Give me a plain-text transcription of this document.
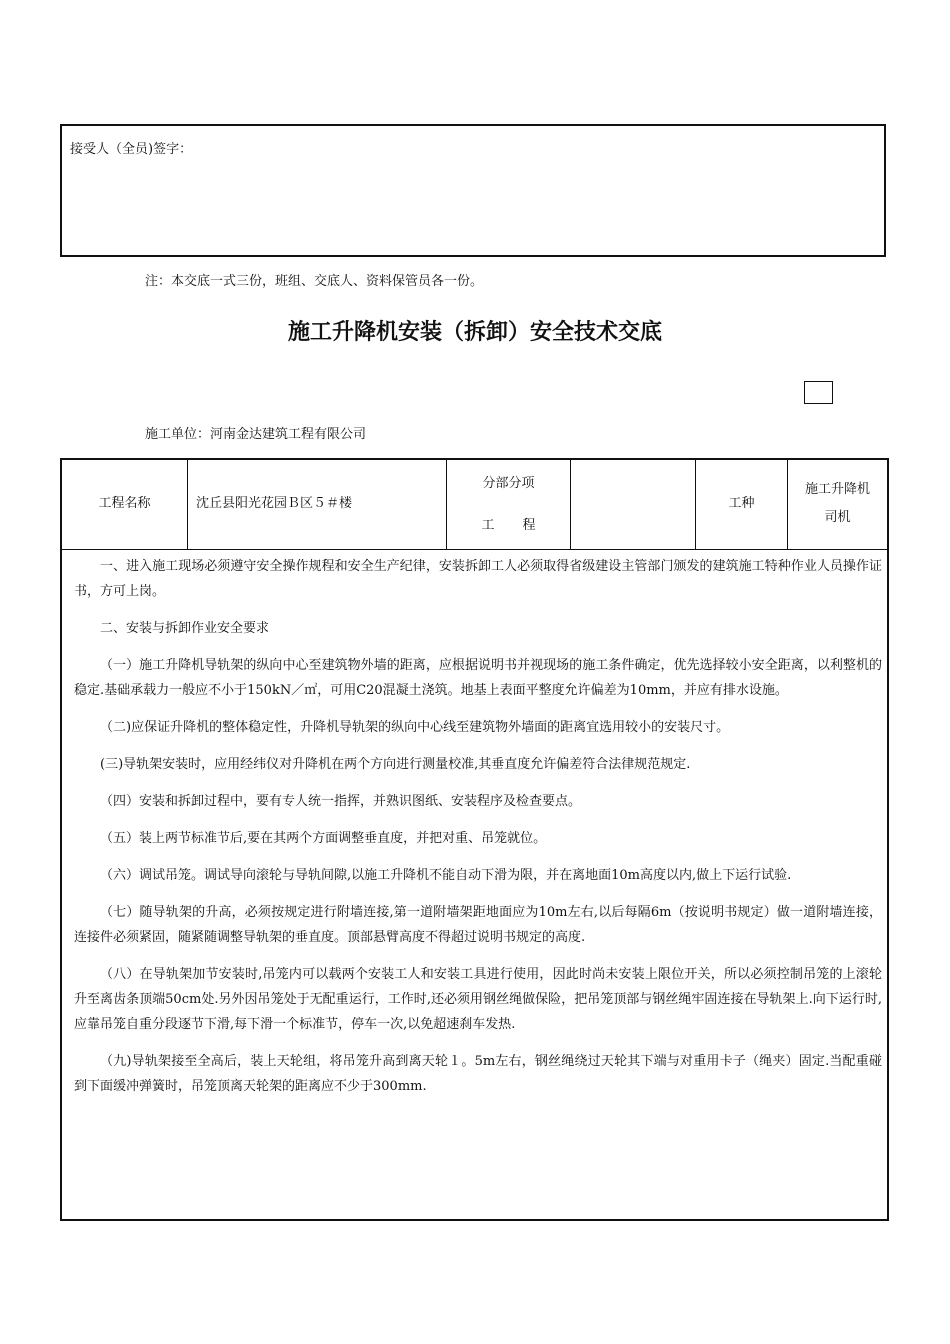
接受人（全员)签字：
注：本交底一式三份，班组、交底人、资料保管员各一份。
施工升降机安装（拆卸）安全技术交底
施工单位：河南金达建筑工程有限公司
工程名称	沈丘县阳光花园Ｂ区５＃楼
分部分项
工程
工种
施工升降机
司机

一、进入施工现场必须遵守安全操作规程和安全生产纪律，安装拆卸工人必须取得省级建设主管部门颁发的建筑施工特种作业人员操作证书，方可上岗。

二、安装与拆卸作业安全要求

（一）施工升降机导轨架的纵向中心至建筑物外墙的距离，应根据说明书并视现场的施工条件确定，优先选择较小安全距离，以利整机的稳定.基础承载力一般应不小于150kN／㎡，可用C20混凝土浇筑。地基上表面平整度允许偏差为10mm，并应有排水设施。

（二)应保证升降机的整体稳定性，升降机导轨架的纵向中心线至建筑物外墙面的距离宜选用较小的安装尺寸。

(三)导轨架安装时，应用经纬仪对升降机在两个方向进行测量校准,其垂直度允许偏差符合法律规范规定.

（四）安装和拆卸过程中，要有专人统一指挥，并熟识图纸、安装程序及检查要点。

（五）装上两节标准节后,要在其两个方面调整垂直度，并把对重、吊笼就位。

（六）调试吊笼。调试导向滚轮与导轨间隙,以施工升降机不能自动下滑为限，并在离地面10m高度以内,做上下运行试验.

（七）随导轨架的升高，必须按规定进行附墙连接,第一道附墙架距地面应为10m左右,以后每隔6m（按说明书规定）做一道附墙连接，连接件必须紧固，随紧随调整导轨架的垂直度。顶部悬臂高度不得超过说明书规定的高度.

（八）在导轨架加节安装时,吊笼内可以载两个安装工人和安装工具进行使用，因此时尚未安装上限位开关，所以必须控制吊笼的上滚轮升至离齿条顶端50cm处.另外因吊笼处于无配重运行，工作时,还必须用钢丝绳做保险，把吊笼顶部与钢丝绳牢固连接在导轨架上.向下运行时,应靠吊笼自重分段逐节下滑,每下滑一个标准节，停车一次,以免超速刹车发热.

（九)导轨架接至全高后，装上天轮组，将吊笼升高到离天轮１。5m左右，钢丝绳绕过天轮其下端与对重用卡子（绳夹）固定.当配重碰到下面缓冲弹簧时，吊笼顶离天轮架的距离应不少于300mm.
